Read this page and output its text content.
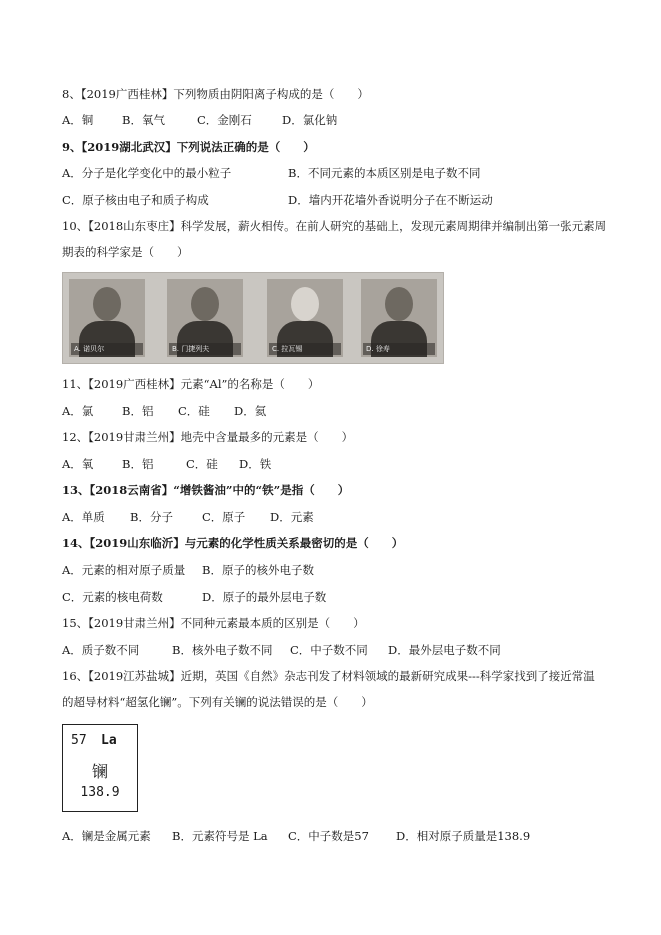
8、【2019广西桂林】下列物质由阴阳离子构成的是（　　）
A．铜 B．氧气	C．金刚石	D．氯化钠
9、【2019湖北武汉】下列说法正确的是（　　）
A．分子是化学变化中的最小粒子	B．不同元素的本质区别是电子数不同
C．原子核由电子和质子构成	D．墙内开花墙外香说明分子在不断运动
10、【2018山东枣庄】科学发展，薪火相传。在前人研究的基础上，发现元素周期律并编制出第一张元素周
期表的科学家是（　　）
A. 诺贝尔	B. 门捷列夫	C. 拉瓦锡	D. 徐寿
11、【2019广西桂林】元素“Al”的名称是（　　）
A．氯 B．铝 C．硅 D．氦
12、【2019甘肃兰州】地壳中含量最多的元素是（　　）
A．氧 B．铝	C．硅 D．铁
13、【2018云南省】“增铁酱油”中的“铁”是指（　　）
A．单质 B．分子	C．原子 D．元素
14、【2019山东临沂】与元素的化学性质关系最密切的是（　　）
A．元素的相对原子质量 B．原子的核外电子数
C．元素的核电荷数	D．原子的最外层电子数
15、【2019甘肃兰州】不同种元素最本质的区别是（　　）
A．质子数不同	B．核外电子数不同 C．中子数不同 D．最外层电子数不同
16、【2019江苏盐城】近期，英国《自然》杂志刊发了材料领域的最新研究成果---科学家找到了接近常温
的超导材料“超氢化镧”。下列有关镧的说法错误的是（　　）
57 La
镧
138.9
A．镧是金属元素 B．元素符号是 La C．中子数是57 D．相对原子质量是138.9
